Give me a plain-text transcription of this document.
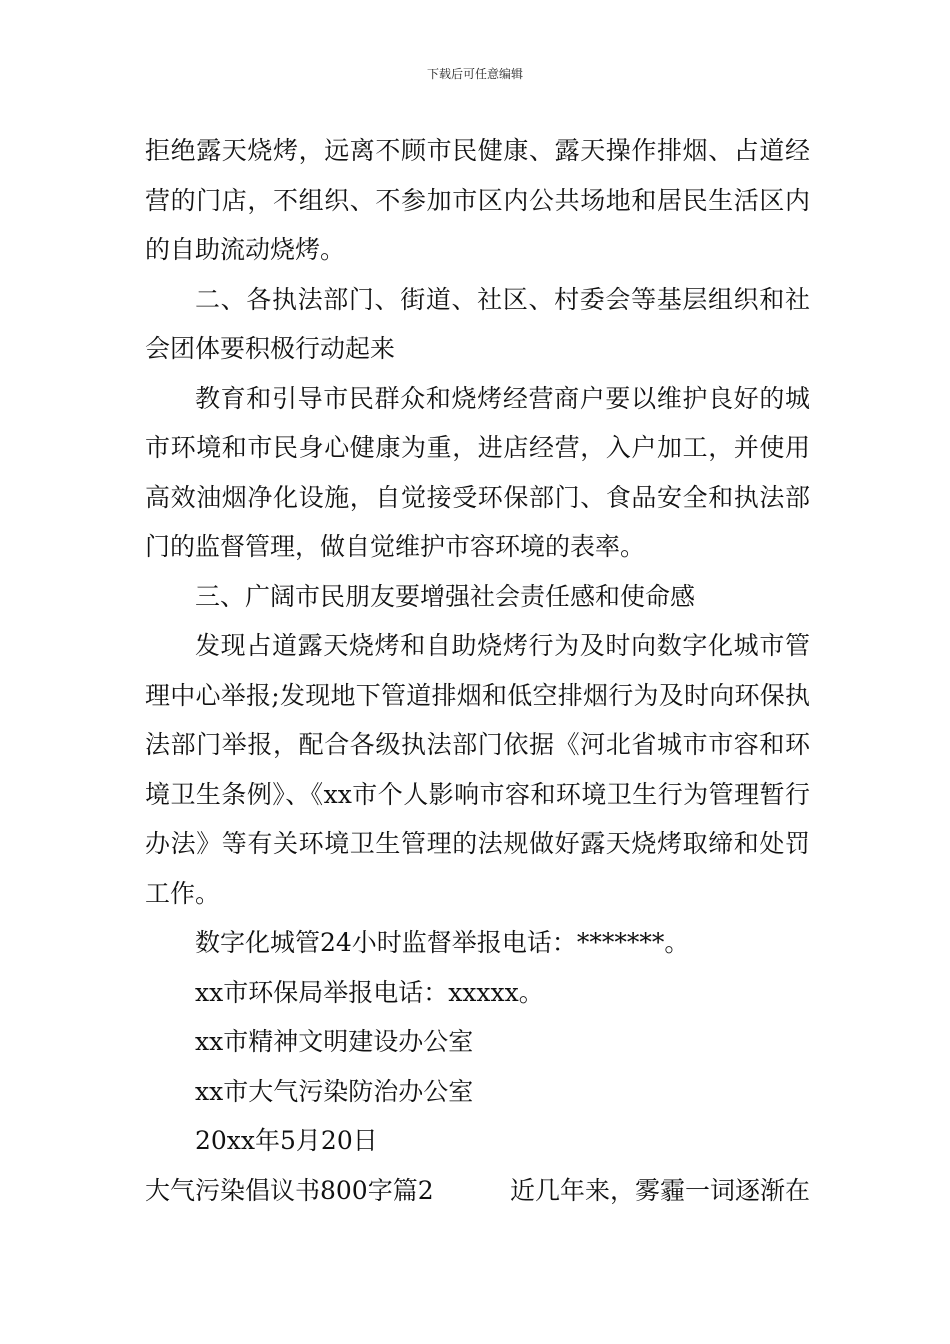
下载后可任意编辑

拒绝露天烧烤，远离不顾市民健康、露天操作排烟、占道经营的门店，不组织、不参加市区内公共场地和居民生活区内的自助流动烧烤。

二、各执法部门、街道、社区、村委会等基层组织和社会团体要积极行动起来

教育和引导市民群众和烧烤经营商户要以维护良好的城市环境和市民身心健康为重，进店经营，入户加工，并使用高效油烟净化设施，自觉接受环保部门、食品安全和执法部门的监督管理，做自觉维护市容环境的表率。

三、广阔市民朋友要增强社会责任感和使命感

发现占道露天烧烤和自助烧烤行为及时向数字化城市管理中心举报;发现地下管道排烟和低空排烟行为及时向环保执法部门举报，配合各级执法部门依据《河北省城市市容和环境卫生条例》、《xx市个人影响市容和环境卫生行为管理暂行办法》等有关环境卫生管理的法规做好露天烧烤取缔和处罚工作。

数字化城管24小时监督举报电话：*******。

xx市环保局举报电话：xxxxx。

xx市精神文明建设办公室

xx市大气污染防治办公室

20xx年5月20日

大气污染倡议书800字篇2	近几年来，雾霾一词逐渐在
